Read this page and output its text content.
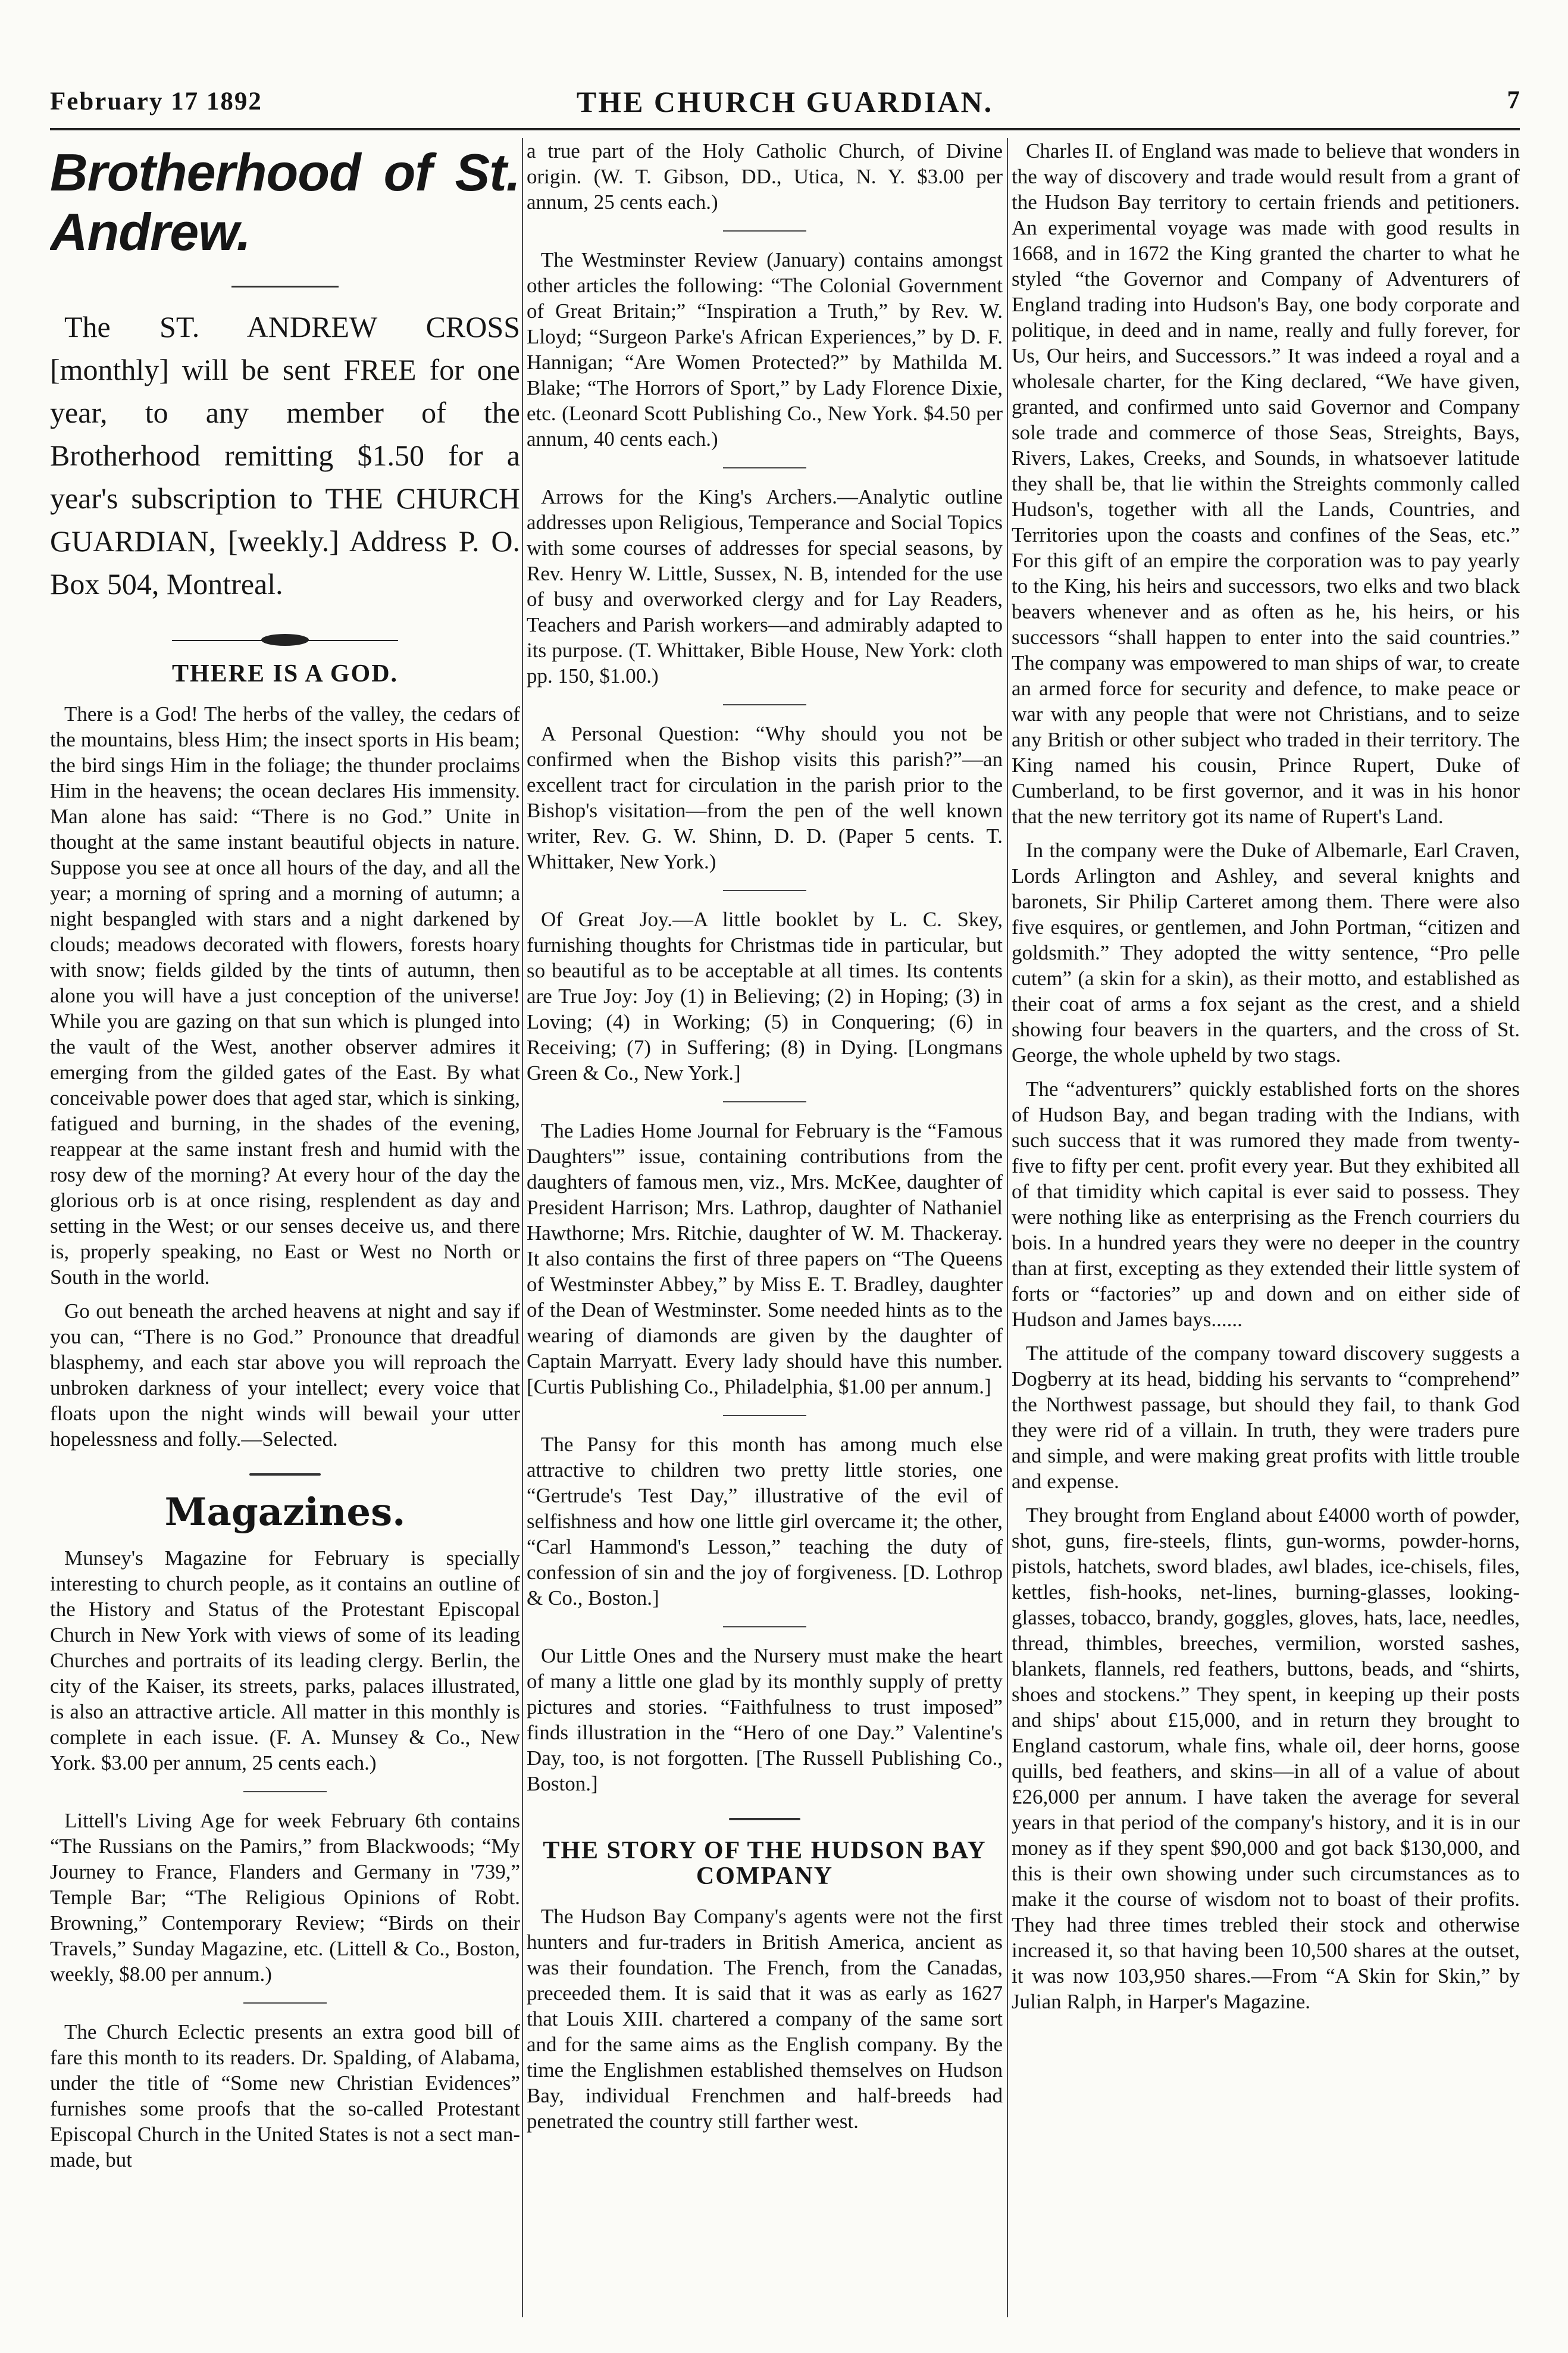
February 17 1892	THE CHURCH GUARDIAN.	7
Brotherhood of St. Andrew.

The ST. ANDREW CROSS [monthly] will be sent FREE for one year, to any member of the Brotherhood remitting $1.50 for a year's subscription to THE CHURCH GUARDIAN, [weekly.] Address P. O. Box 504, Montreal.

THERE IS A GOD.

There is a God! The herbs of the valley, the cedars of the mountains, bless Him; the insect sports in His beam; the bird sings Him in the foliage; the thunder proclaims Him in the heavens; the ocean declares His immensity. Man alone has said: “There is no God.” Unite in thought at the same instant beautiful objects in nature. Suppose you see at once all hours of the day, and all the year; a morning of spring and a morning of autumn; a night bespangled with stars and a night darkened by clouds; meadows decorated with flowers, forests hoary with snow; fields gilded by the tints of autumn, then alone you will have a just conception of the universe! While you are gazing on that sun which is plunged into the vault of the West, another observer admires it emerging from the gilded gates of the East. By what conceivable power does that aged star, which is sinking, fatigued and burning, in the shades of the evening, reappear at the same instant fresh and humid with the rosy dew of the morning? At every hour of the day the glorious orb is at once rising, resplendent as day and setting in the West; or our senses deceive us, and there is, properly speaking, no East or West no North or South in the world.

Go out beneath the arched heavens at night and say if you can, “There is no God.” Pronounce that dreadful blasphemy, and each star above you will reproach the unbroken darkness of your intellect; every voice that floats upon the night winds will bewail your utter hopelessness and folly.—Selected.

Magazines.

Munsey's Magazine for February is specially interesting to church people, as it contains an outline of the History and Status of the Protestant Episcopal Church in New York with views of some of its leading Churches and portraits of its leading clergy. Berlin, the city of the Kaiser, its streets, parks, palaces illustrated, is also an attractive article. All matter in this monthly is complete in each issue. (F. A. Munsey & Co., New York. $3.00 per annum, 25 cents each.)

Littell's Living Age for week February 6th contains “The Russians on the Pamirs,” from Blackwoods; “My Journey to France, Flanders and Germany in '739,” Temple Bar; “The Religious Opinions of Robt. Browning,” Contemporary Review; “Birds on their Travels,” Sunday Magazine, etc. (Littell & Co., Boston, weekly, $8.00 per annum.)

The Church Eclectic presents an extra good bill of fare this month to its readers. Dr. Spalding, of Alabama, under the title of “Some new Christian Evidences” furnishes some proofs that the so-called Protestant Episcopal Church in the United States is not a sect man-made, but

a true part of the Holy Catholic Church, of Divine origin. (W. T. Gibson, DD., Utica, N. Y. $3.00 per annum, 25 cents each.)

The Westminster Review (January) contains amongst other articles the following: “The Colonial Government of Great Britain;” “Inspiration a Truth,” by Rev. W. Lloyd; “Surgeon Parke's African Experiences,” by D. F. Hannigan; “Are Women Protected?” by Mathilda M. Blake; “The Horrors of Sport,” by Lady Florence Dixie, etc. (Leonard Scott Publishing Co., New York. $4.50 per annum, 40 cents each.)

Arrows for the King's Archers.—Analytic outline addresses upon Religious, Temperance and Social Topics with some courses of addresses for special seasons, by Rev. Henry W. Little, Sussex, N. B, intended for the use of busy and overworked clergy and for Lay Readers, Teachers and Parish workers—and admirably adapted to its purpose. (T. Whittaker, Bible House, New York: cloth pp. 150, $1.00.)

A Personal Question: “Why should you not be confirmed when the Bishop visits this parish?”—an excellent tract for circulation in the parish prior to the Bishop's visitation—from the pen of the well known writer, Rev. G. W. Shinn, D. D. (Paper 5 cents. T. Whittaker, New York.)

Of Great Joy.—A little booklet by L. C. Skey, furnishing thoughts for Christmas tide in particular, but so beautiful as to be acceptable at all times. Its contents are True Joy: Joy (1) in Believing; (2) in Hoping; (3) in Loving; (4) in Working; (5) in Conquering; (6) in Receiving; (7) in Suffering; (8) in Dying. [Longmans Green & Co., New York.]

The Ladies Home Journal for February is the “Famous Daughters'” issue, containing contributions from the daughters of famous men, viz., Mrs. McKee, daughter of President Harrison; Mrs. Lathrop, daughter of Nathaniel Hawthorne; Mrs. Ritchie, daughter of W. M. Thackeray. It also contains the first of three papers on “The Queens of Westminster Abbey,” by Miss E. T. Bradley, daughter of the Dean of Westminster. Some needed hints as to the wearing of diamonds are given by the daughter of Captain Marryatt. Every lady should have this number. [Curtis Publishing Co., Philadelphia, $1.00 per annum.]

The Pansy for this month has among much else attractive to children two pretty little stories, one “Gertrude's Test Day,” illustrative of the evil of selfishness and how one little girl overcame it; the other, “Carl Hammond's Lesson,” teaching the duty of confession of sin and the joy of forgiveness. [D. Lothrop & Co., Boston.]

Our Little Ones and the Nursery must make the heart of many a little one glad by its monthly supply of pretty pictures and stories. “Faithfulness to trust imposed” finds illustration in the “Hero of one Day.” Valentine's Day, too, is not forgotten. [The Russell Publishing Co., Boston.]

THE STORY OF THE HUDSON BAY COMPANY

The Hudson Bay Company's agents were not the first hunters and fur-traders in British America, ancient as was their foundation. The French, from the Canadas, preceeded them. It is said that it was as early as 1627 that Louis XIII. chartered a company of the same sort and for the same aims as the English company. By the time the Englishmen established themselves on Hudson Bay, individual Frenchmen and half-breeds had penetrated the country still farther west.

Charles II. of England was made to believe that wonders in the way of discovery and trade would result from a grant of the Hudson Bay territory to certain friends and petitioners. An experimental voyage was made with good results in 1668, and in 1672 the King granted the charter to what he styled “the Governor and Company of Adventurers of England trading into Hudson's Bay, one body corporate and politique, in deed and in name, really and fully forever, for Us, Our heirs, and Successors.” It was indeed a royal and a wholesale charter, for the King declared, “We have given, granted, and confirmed unto said Governor and Company sole trade and commerce of those Seas, Streights, Bays, Rivers, Lakes, Creeks, and Sounds, in whatsoever latitude they shall be, that lie within the Streights commonly called Hudson's, together with all the Lands, Countries, and Territories upon the coasts and confines of the Seas, etc.” For this gift of an empire the corporation was to pay yearly to the King, his heirs and successors, two elks and two black beavers whenever and as often as he, his heirs, or his successors “shall happen to enter into the said countries.” The company was empowered to man ships of war, to create an armed force for security and defence, to make peace or war with any people that were not Christians, and to seize any British or other subject who traded in their territory. The King named his cousin, Prince Rupert, Duke of Cumberland, to be first governor, and it was in his honor that the new territory got its name of Rupert's Land.

In the company were the Duke of Albemarle, Earl Craven, Lords Arlington and Ashley, and several knights and baronets, Sir Philip Carteret among them. There were also five esquires, or gentlemen, and John Portman, “citizen and goldsmith.” They adopted the witty sentence, “Pro pelle cutem” (a skin for a skin), as their motto, and established as their coat of arms a fox sejant as the crest, and a shield showing four beavers in the quarters, and the cross of St. George, the whole upheld by two stags.

The “adventurers” quickly established forts on the shores of Hudson Bay, and began trading with the Indians, with such success that it was rumored they made from twenty-five to fifty per cent. profit every year. But they exhibited all of that timidity which capital is ever said to possess. They were nothing like as enterprising as the French courriers du bois. In a hundred years they were no deeper in the country than at first, excepting as they extended their little system of forts or “factories” up and down and on either side of Hudson and James bays......

The attitude of the company toward discovery suggests a Dogberry at its head, bidding his servants to “comprehend” the Northwest passage, but should they fail, to thank God they were rid of a villain. In truth, they were traders pure and simple, and were making great profits with little trouble and expense.

They brought from England about £4000 worth of powder, shot, guns, fire-steels, flints, gun-worms, powder-horns, pistols, hatchets, sword blades, awl blades, ice-chisels, files, kettles, fish-hooks, net-lines, burning-glasses, looking-glasses, tobacco, brandy, goggles, gloves, hats, lace, needles, thread, thimbles, breeches, vermilion, worsted sashes, blankets, flannels, red feathers, buttons, beads, and “shirts, shoes and stockens.” They spent, in keeping up their posts and ships' about £15,000, and in return they brought to England castorum, whale fins, whale oil, deer horns, goose quills, bed feathers, and skins—in all of a value of about £26,000 per annum. I have taken the average for several years in that period of the company's history, and it is in our money as if they spent $90,000 and got back $130,000, and this is their own showing under such circumstances as to make it the course of wisdom not to boast of their profits. They had three times trebled their stock and otherwise increased it, so that having been 10,500 shares at the outset, it was now 103,950 shares.—From “A Skin for Skin,” by Julian Ralph, in Harper's Magazine.
